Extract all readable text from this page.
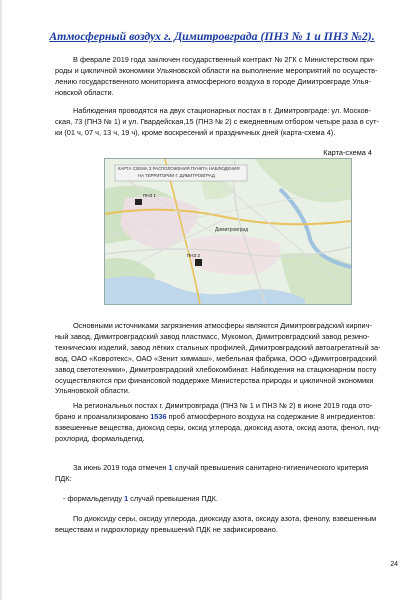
Атмосферный воздух г. Димитровграда (ПНЗ № 1 и ПНЗ №2).
В феврале 2019 года заключен государственный контракт № 2ГК с Министерством при-
роды и цикличной экономики Ульяновской области на выполнение мероприятий по осуществ-
лению государственного мониторинга атмосферного воздуха в городе Димитровграде Улья-
новской области.
Наблюдения проводятся на двух стационарных постах в г. Димитровграде: ул. Москов-
ская, 73 (ПНЗ № 1) и ул. Гвардейская,15 (ПНЗ № 2) с ежедневным отбором четыре раза в сут-
ки (01 ч, 07 ч, 13 ч, 19 ч), кроме воскресений и праздничных дней (карта-схема 4).
Карта-схема 4
КАРТА СХЕМА З РАСПОЛОЖЕНИЯ ПУНКТА НАБЛЮДЕНИЯ
НА ТЕРРИТОРИИ Г. ДИМИТРОВГРАД
ПНЗ 1
ПНЗ 2
Димитровград
Основными источниками загрязнения атмосферы являются Димитровградский кирпич-
ный завод, Димитровградский завод пластмасс, Мукомол, Димитровградский завод резино-
технических изделий, завод лёгких стальных профилей, Димитровградский автоагрегатный за-
вод, ОАО «Ковротекс», ОАО «Зенит химмаш», мебельная фабрика, ООО «Димитровградский
завод светотехники», Димитровградский хлебокомбинат. Наблюдения на стационарном посту
осуществляются при финансовой поддержке Министерства природы и цикличной экономики
Ульяновской области.
На региональных постах г. Димитровграда (ПНЗ № 1 и ПНЗ № 2) в июне 2019 года ото-
брано и проанализировано 1536 проб атмосферного воздуха на содержание 8 ингредиентов:
взвешенные вещества, диоксид серы, оксид углерода, диоксид азота, оксид азота, фенол, гид-
рохлорид, формальдегид.
За июнь 2019 года отмечен 1 случай превышения санитарно-гигиенического критерия
ПДК:
- формальдегиду 1 случай превышения ПДК.
По диоксиду серы, оксиду углерода, диоксиду азота, оксиду азота, фенолу, взвешенным
веществам и гидрохлориду превышений ПДК не зафиксировано.
24
